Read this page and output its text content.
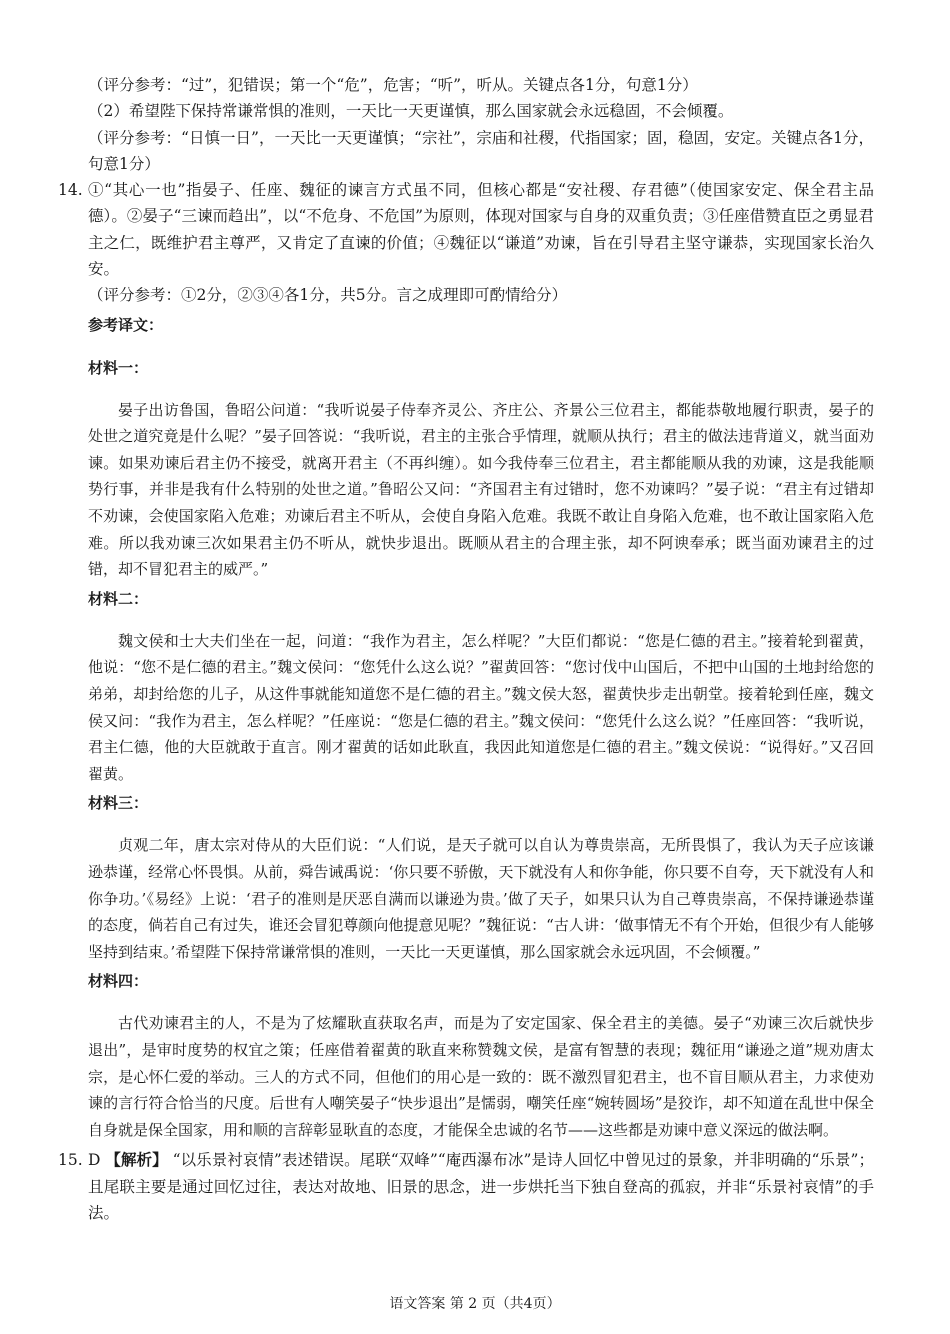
（评分参考：“过”，犯错误；第一个“危”，危害；“听”，听从。关键点各1分，句意1分）

（2）希望陛下保持常谦常惧的准则，一天比一天更谨慎，那么国家就会永远稳固，不会倾覆。

（评分参考：“日慎一日”，一天比一天更谨慎；“宗社”，宗庙和社稷，代指国家；固，稳固，安定。关键点各1分，句意1分）

14. ①“其心一也”指晏子、任座、魏征的谏言方式虽不同，但核心都是“安社稷、存君德”（使国家安定、保全君主品德）。②晏子“三谏而趋出”，以“不危身、不危国”为原则，体现对国家与自身的双重负责；③任座借赞直臣之勇显君主之仁，既维护君主尊严，又肯定了直谏的价值；④魏征以“谦道”劝谏，旨在引导君主坚守谦恭，实现国家长治久安。

（评分参考：①2分，②③④各1分，共5分。言之成理即可酌情给分）

参考译文：

材料一：

晏子出访鲁国，鲁昭公问道：“我听说晏子侍奉齐灵公、齐庄公、齐景公三位君主，都能恭敬地履行职责，晏子的处世之道究竟是什么呢？”晏子回答说：“我听说，君主的主张合乎情理，就顺从执行；君主的做法违背道义，就当面劝谏。如果劝谏后君主仍不接受，就离开君主（不再纠缠）。如今我侍奉三位君主，君主都能顺从我的劝谏，这是我能顺势行事，并非是我有什么特别的处世之道。”鲁昭公又问：“齐国君主有过错时，您不劝谏吗？”晏子说：“君主有过错却不劝谏，会使国家陷入危难；劝谏后君主不听从，会使自身陷入危难。我既不敢让自身陷入危难，也不敢让国家陷入危难。所以我劝谏三次如果君主仍不听从，就快步退出。既顺从君主的合理主张，却不阿谀奉承；既当面劝谏君主的过错，却不冒犯君主的威严。”

材料二：

魏文侯和士大夫们坐在一起，问道：“我作为君主，怎么样呢？”大臣们都说：“您是仁德的君主。”接着轮到翟黄，他说：“您不是仁德的君主。”魏文侯问：“您凭什么这么说？”翟黄回答：“您讨伐中山国后，不把中山国的土地封给您的弟弟，却封给您的儿子，从这件事就能知道您不是仁德的君主。”魏文侯大怒，翟黄快步走出朝堂。接着轮到任座，魏文侯又问：“我作为君主，怎么样呢？”任座说：“您是仁德的君主。”魏文侯问：“您凭什么这么说？”任座回答：“我听说，君主仁德，他的大臣就敢于直言。刚才翟黄的话如此耿直，我因此知道您是仁德的君主。”魏文侯说：“说得好。”又召回翟黄。

材料三：

贞观二年，唐太宗对侍从的大臣们说：“人们说，是天子就可以自认为尊贵崇高，无所畏惧了，我认为天子应该谦逊恭谨，经常心怀畏惧。从前，舜告诫禹说：‘你只要不骄傲，天下就没有人和你争能，你只要不自夸，天下就没有人和你争功。’《易经》上说：‘君子的准则是厌恶自满而以谦逊为贵。’做了天子，如果只认为自己尊贵崇高，不保持谦逊恭谨的态度，倘若自己有过失，谁还会冒犯尊颜向他提意见呢？”魏征说：“古人讲：‘做事情无不有个开始，但很少有人能够坚持到结束。’希望陛下保持常谦常惧的准则，一天比一天更谨慎，那么国家就会永远巩固，不会倾覆。”

材料四：

古代劝谏君主的人，不是为了炫耀耿直获取名声，而是为了安定国家、保全君主的美德。晏子“劝谏三次后就快步退出”，是审时度势的权宜之策；任座借着翟黄的耿直来称赞魏文侯，是富有智慧的表现；魏征用“谦逊之道”规劝唐太宗，是心怀仁爱的举动。三人的方式不同，但他们的用心是一致的：既不激烈冒犯君主，也不盲目顺从君主，力求使劝谏的言行符合恰当的尺度。后世有人嘲笑晏子“快步退出”是懦弱，嘲笑任座“婉转圆场”是狡诈，却不知道在乱世中保全自身就是保全国家，用和顺的言辞彰显耿直的态度，才能保全忠诚的名节——这些都是劝谏中意义深远的做法啊。

15. D 【解析】 “以乐景衬哀情”表述错误。尾联“双峰”“庵西瀑布冰”是诗人回忆中曾见过的景象，并非明确的“乐景”；且尾联主要是通过回忆过往，表达对故地、旧景的思念，进一步烘托当下独自登高的孤寂，并非“乐景衬哀情”的手法。
语文答案 第 2 页（共4页）
